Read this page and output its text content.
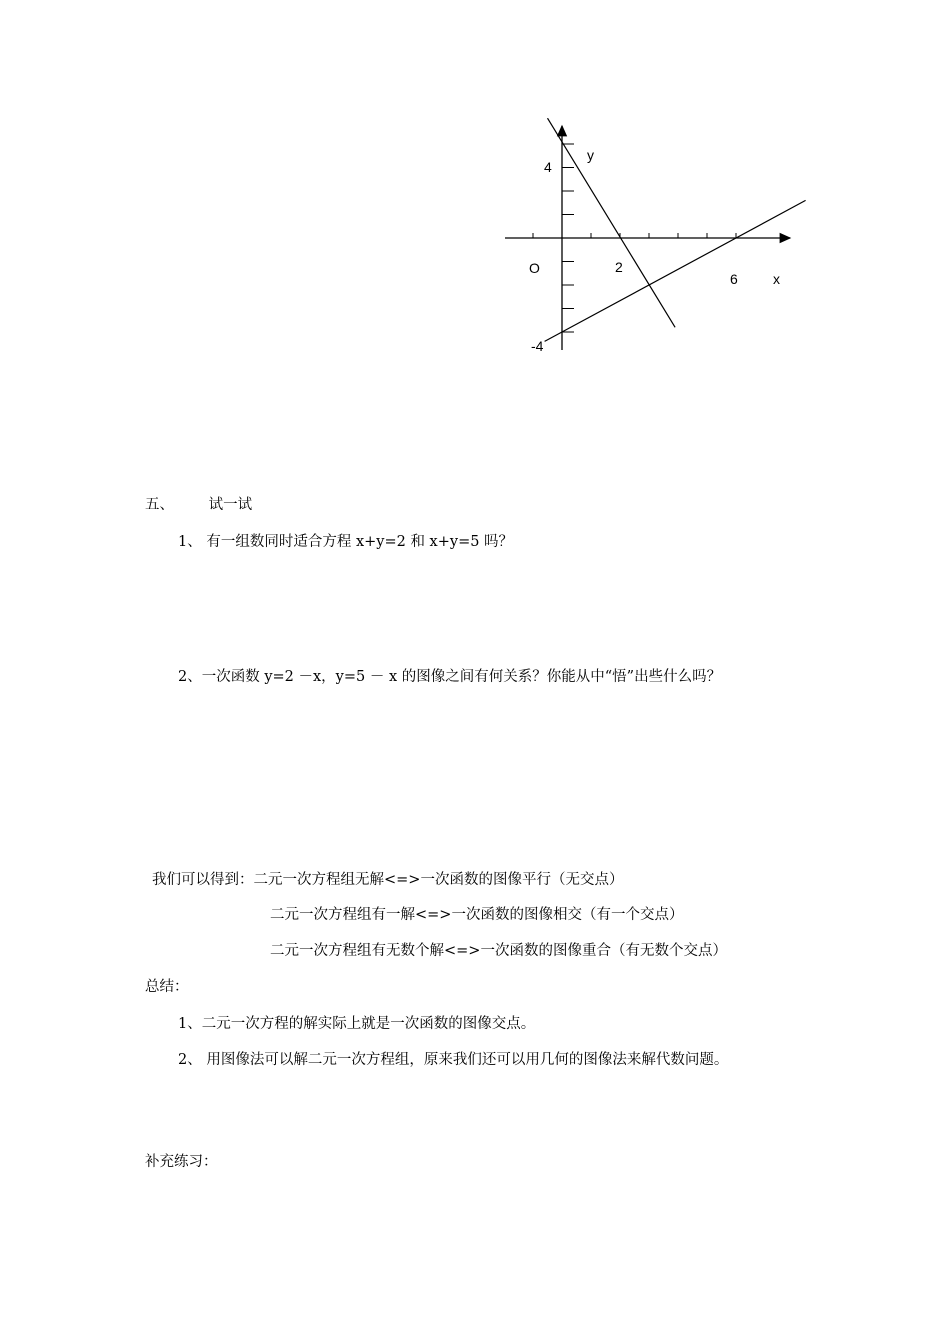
y
x
O	2
6
4
-4
五、 试一试
1、 有一组数同时适合方程 x+y=2 和 x+y=5 吗？
2、一次函数 y=2 －x，y=5 － x 的图像之间有何关系？你能从中“悟”出些什么吗？
我们可以得到：二元一次方程组无解<=>一次函数的图像平行（无交点）
二元一次方程组有一解<=>一次函数的图像相交（有一个交点）
二元一次方程组有无数个解<=>一次函数的图像重合（有无数个交点）
总结：
1、二元一次方程的解实际上就是一次函数的图像交点。
2、 用图像法可以解二元一次方程组，原来我们还可以用几何的图像法来解代数问题。
补充练习：
